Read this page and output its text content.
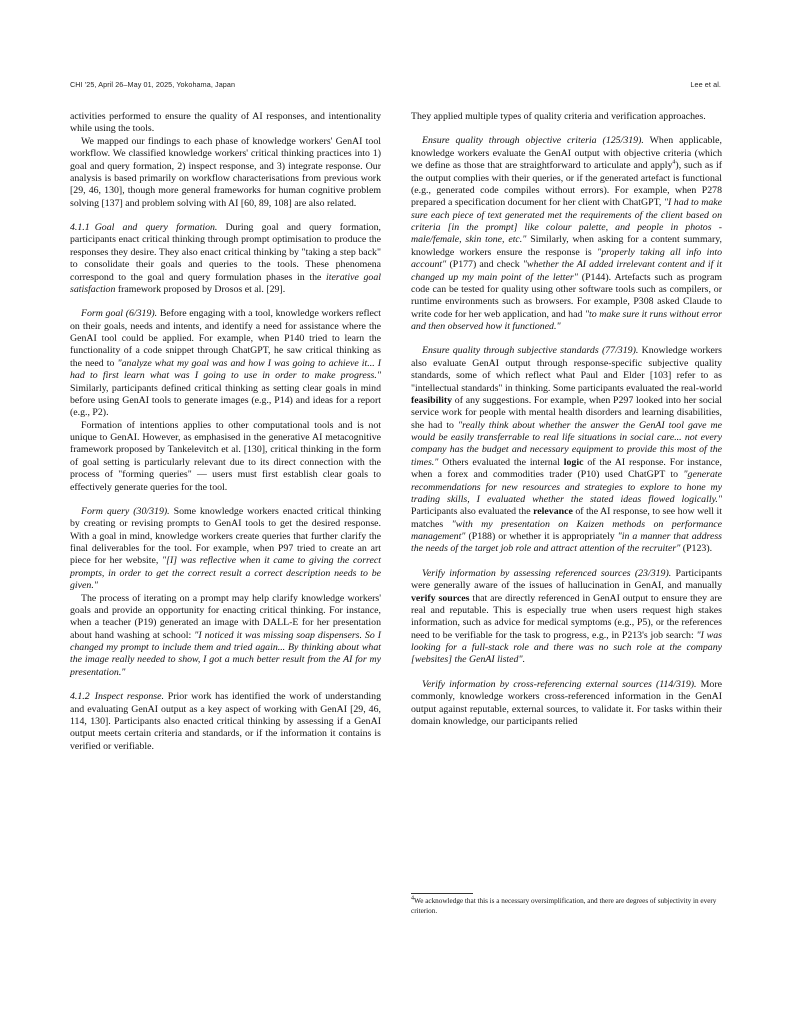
CHI '25, April 26–May 01, 2025, Yokohama, Japan	Lee et al.

activities performed to ensure the quality of AI responses, and intentionality while using the tools.

We mapped our findings to each phase of knowledge workers' GenAI tool workflow. We classified knowledge workers' critical thinking practices into 1) goal and query formation, 2) inspect response, and 3) integrate response. Our analysis is based primarily on workflow characterisations from previous work [29, 46, 130], though more general frameworks for human cognitive problem solving [137] and problem solving with AI [60, 89, 108] are also related.

4.1.1 Goal and query formation. During goal and query formation, participants enact critical thinking through prompt optimisation to produce the responses they desire. They also enact critical thinking by "taking a step back" to consolidate their goals and queries to the tools. These phenomena correspond to the goal and query formulation phases in the iterative goal satisfaction framework proposed by Drosos et al. [29].

Form goal (6/319). Before engaging with a tool, knowledge workers reflect on their goals, needs and intents, and identify a need for assistance where the GenAI tool could be applied. For example, when P140 tried to learn the functionality of a code snippet through ChatGPT, he saw critical thinking as the need to "analyze what my goal was and how I was going to achieve it... I had to first learn what was I going to use in order to make progress." Similarly, participants defined critical thinking as setting clear goals in mind before using GenAI tools to generate images (e.g., P14) and ideas for a report (e.g., P2).

Formation of intentions applies to other computational tools and is not unique to GenAI. However, as emphasised in the generative AI metacognitive framework proposed by Tankelevitch et al. [130], critical thinking in the form of goal setting is particularly relevant due to its direct connection with the process of "forming queries" — users must first establish clear goals to effectively generate queries for the tool.

Form query (30/319). Some knowledge workers enacted critical thinking by creating or revising prompts to GenAI tools to get the desired response. With a goal in mind, knowledge workers create queries that further clarify the final deliverables for the tool. For example, when P97 tried to create an art piece for her website, "[I] was reflective when it came to giving the correct prompts, in order to get the correct result a correct description needs to be given."

The process of iterating on a prompt may help clarify knowledge workers' goals and provide an opportunity for enacting critical thinking. For instance, when a teacher (P19) generated an image with DALL-E for her presentation about hand washing at school: "I noticed it was missing soap dispensers. So I changed my prompt to include them and tried again... By thinking about what the image really needed to show, I got a much better result from the AI for my presentation."

4.1.2 Inspect response. Prior work has identified the work of understanding and evaluating GenAI output as a key aspect of working with GenAI [29, 46, 114, 130]. Participants also enacted critical thinking by assessing if a GenAI output meets certain criteria and standards, or if the information it contains is verified or verifiable.

They applied multiple types of quality criteria and verification approaches.

Ensure quality through objective criteria (125/319). When applicable, knowledge workers evaluate the GenAI output with objective criteria (which we define as those that are straightforward to articulate and apply$^4$), such as if the output complies with their queries, or if the generated artefact is functional (e.g., generated code compiles without errors). For example, when P278 prepared a specification document for her client with ChatGPT, "I had to make sure each piece of text generated met the requirements of the client based on criteria [in the prompt] like colour palette, and people in photos - male/female, skin tone, etc." Similarly, when asking for a content summary, knowledge workers ensure the response is "properly taking all info into account" (P177) and check "whether the AI added irrelevant content and if it changed up my main point of the letter" (P144). Artefacts such as program code can be tested for quality using other software tools such as compilers, or runtime environments such as browsers. For example, P308 asked Claude to write code for her web application, and had "to make sure it runs without error and then observed how it functioned."

Ensure quality through subjective standards (77/319). Knowledge workers also evaluate GenAI output through response-specific subjective quality standards, some of which reflect what Paul and Elder [103] refer to as "intellectual standards" in thinking. Some participants evaluated the real-world feasibility of any suggestions. For example, when P297 looked into her social service work for people with mental health disorders and learning disabilities, she had to "really think about whether the answer the GenAI tool gave me would be easily transferrable to real life situations in social care... not every company has the budget and necessary equipment to provide this most of the times." Others evaluated the internal logic of the AI response. For instance, when a forex and commodities trader (P10) used ChatGPT to "generate recommendations for new resources and strategies to explore to hone my trading skills, I evaluated whether the stated ideas flowed logically." Participants also evaluated the relevance of the AI response, to see how well it matches "with my presentation on Kaizen methods on performance management" (P188) or whether it is appropriately "in a manner that address the needs of the target job role and attract attention of the recruiter" (P123).

Verify information by assessing referenced sources (23/319). Participants were generally aware of the issues of hallucination in GenAI, and manually verify sources that are directly referenced in GenAI output to ensure they are real and reputable. This is especially true when users request high stakes information, such as advice for medical symptoms (e.g., P5), or the references need to be verifiable for the task to progress, e.g., in P213's job search: "I was looking for a full-stack role and there was no such role at the company [websites] the GenAI listed".

Verify information by cross-referencing external sources (114/319). More commonly, knowledge workers cross-referenced information in the GenAI output against reputable, external sources, to validate it. For tasks within their domain knowledge, our participants relied

$^4$We acknowledge that this is a necessary oversimplification, and there are degrees of subjectivity in every criterion.
